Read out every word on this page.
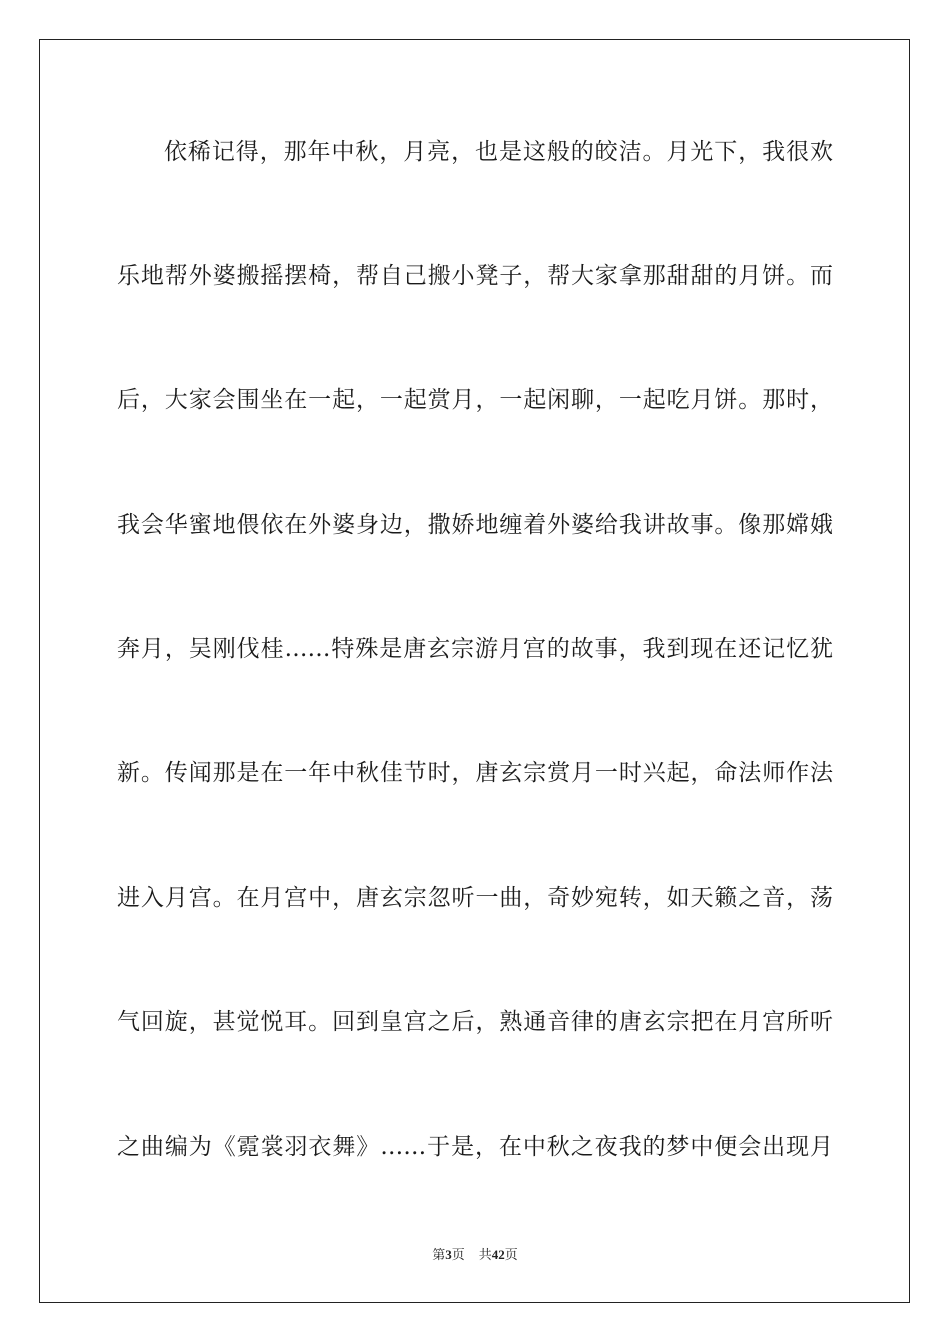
依稀记得，那年中秋，月亮，也是这般的皎洁。月光下，我很欢
乐地帮外婆搬摇摆椅，帮自己搬小凳子，帮大家拿那甜甜的月饼。而
后，大家会围坐在一起，一起赏月，一起闲聊，一起吃月饼。那时，
我会华蜜地偎依在外婆身边，撒娇地缠着外婆给我讲故事。像那嫦娥
奔月，吴刚伐桂……特殊是唐玄宗游月宫的故事，我到现在还记忆犹
新。传闻那是在一年中秋佳节时，唐玄宗赏月一时兴起，命法师作法
进入月宫。在月宫中，唐玄宗忽听一曲，奇妙宛转，如天籁之音，荡
气回旋，甚觉悦耳。回到皇宫之后，熟通音律的唐玄宗把在月宫所听
之曲编为《霓裳羽衣舞》……于是，在中秋之夜我的梦中便会出现月
第3页 共42页
